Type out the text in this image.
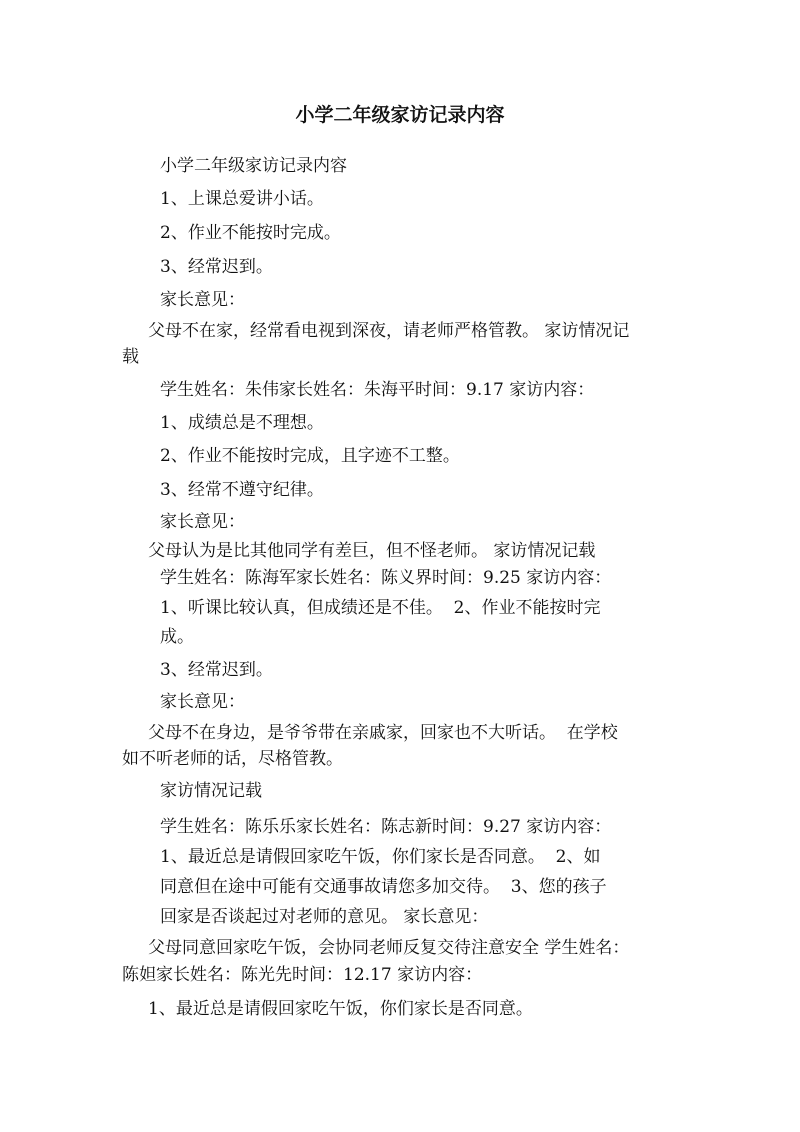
小学二年级家访记录内容
小学二年级家访记录内容
1、上课总爱讲小话。
2、作业不能按时完成。
3、经常迟到。
家长意见：
父母不在家，经常看电视到深夜，请老师严格管教。 家访情况记
载
学生姓名：朱伟家长姓名：朱海平时间：9.17 家访内容：
1、成绩总是不理想。
2、作业不能按时完成，且字迹不工整。
3、经常不遵守纪律。
家长意见：
父母认为是比其他同学有差巨，但不怪老师。 家访情况记载
学生姓名：陈海军家长姓名：陈义界时间：9.25 家访内容：
1、听课比较认真，但成绩还是不佳。  2、作业不能按时完
成。
3、经常迟到。
家长意见：
父母不在身边，是爷爷带在亲戚家，回家也不大听话。  在学校
如不听老师的话，尽格管教。
家访情况记载
学生姓名：陈乐乐家长姓名：陈志新时间：9.27 家访内容：
1、最近总是请假回家吃午饭，你们家长是否同意。  2、如
同意但在途中可能有交通事故请您多加交待。  3、您的孩子
回家是否谈起过对老师的意见。 家长意见：
父母同意回家吃午饭，会协同老师反复交待注意安全 学生姓名：
陈妲家长姓名：陈光先时间：12.17 家访内容：
1、最近总是请假回家吃午饭，你们家长是否同意。
